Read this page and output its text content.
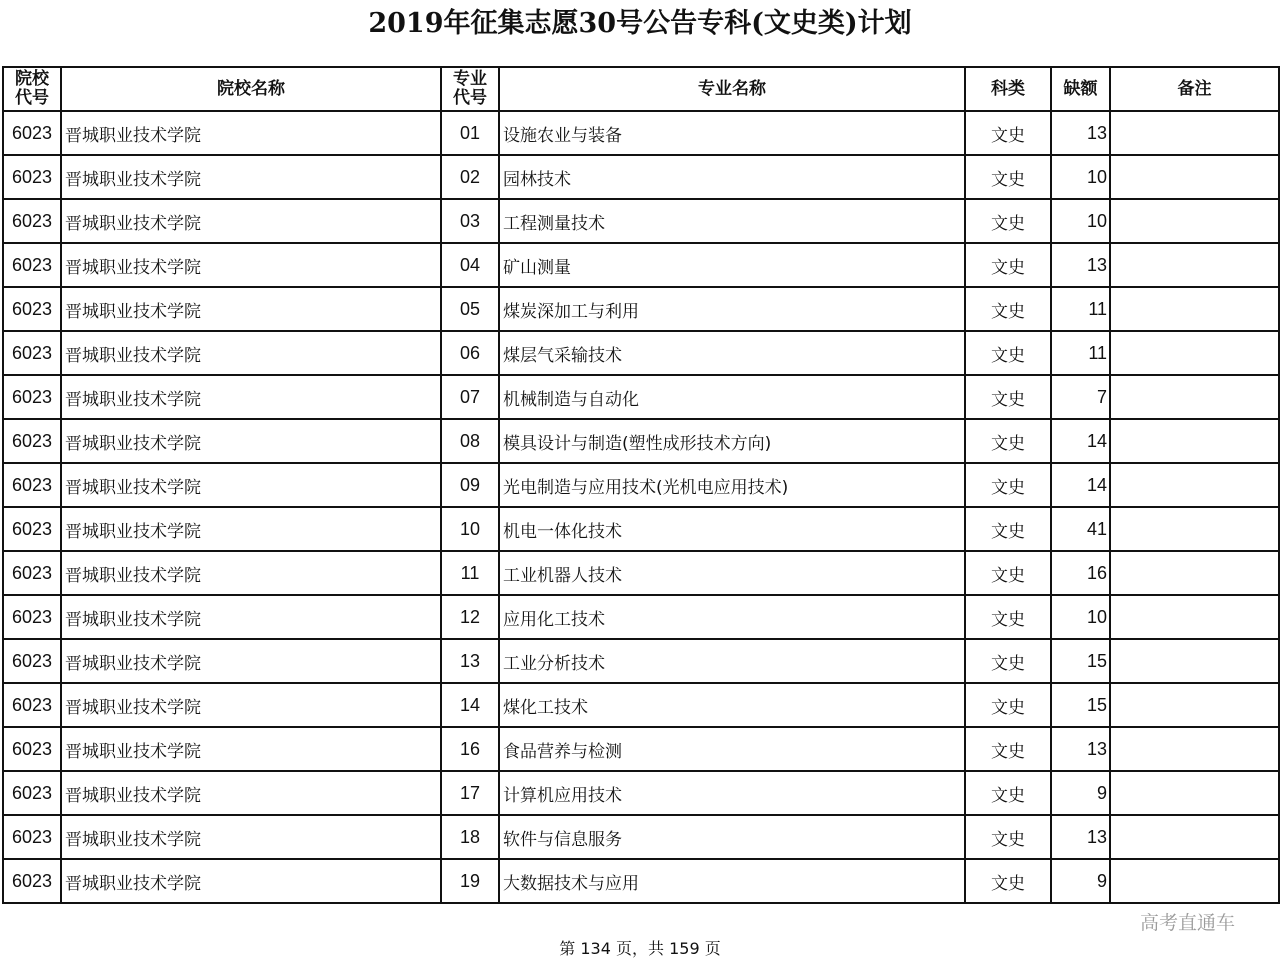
2019年征集志愿30号公告专科(文史类)计划
院校代号	院校名称	专业代号	专业名称	科类	缺额	备注
6023	晋城职业技术学院	01	设施农业与装备	文史	13	
6023	晋城职业技术学院	02	园林技术	文史	10	
6023	晋城职业技术学院	03	工程测量技术	文史	10	
6023	晋城职业技术学院	04	矿山测量	文史	13	
6023	晋城职业技术学院	05	煤炭深加工与利用	文史	11	
6023	晋城职业技术学院	06	煤层气采输技术	文史	11	
6023	晋城职业技术学院	07	机械制造与自动化	文史	7	
6023	晋城职业技术学院	08	模具设计与制造(塑性成形技术方向)	文史	14	
6023	晋城职业技术学院	09	光电制造与应用技术(光机电应用技术)	文史	14	
6023	晋城职业技术学院	10	机电一体化技术	文史	41	
6023	晋城职业技术学院	11	工业机器人技术	文史	16	
6023	晋城职业技术学院	12	应用化工技术	文史	10	
6023	晋城职业技术学院	13	工业分析技术	文史	15	
6023	晋城职业技术学院	14	煤化工技术	文史	15	
6023	晋城职业技术学院	16	食品营养与检测	文史	13	
6023	晋城职业技术学院	17	计算机应用技术	文史	9	
6023	晋城职业技术学院	18	软件与信息服务	文史	13	
6023	晋城职业技术学院	19	大数据技术与应用	文史	9	
高考直通车
第 134 页，共 159 页
